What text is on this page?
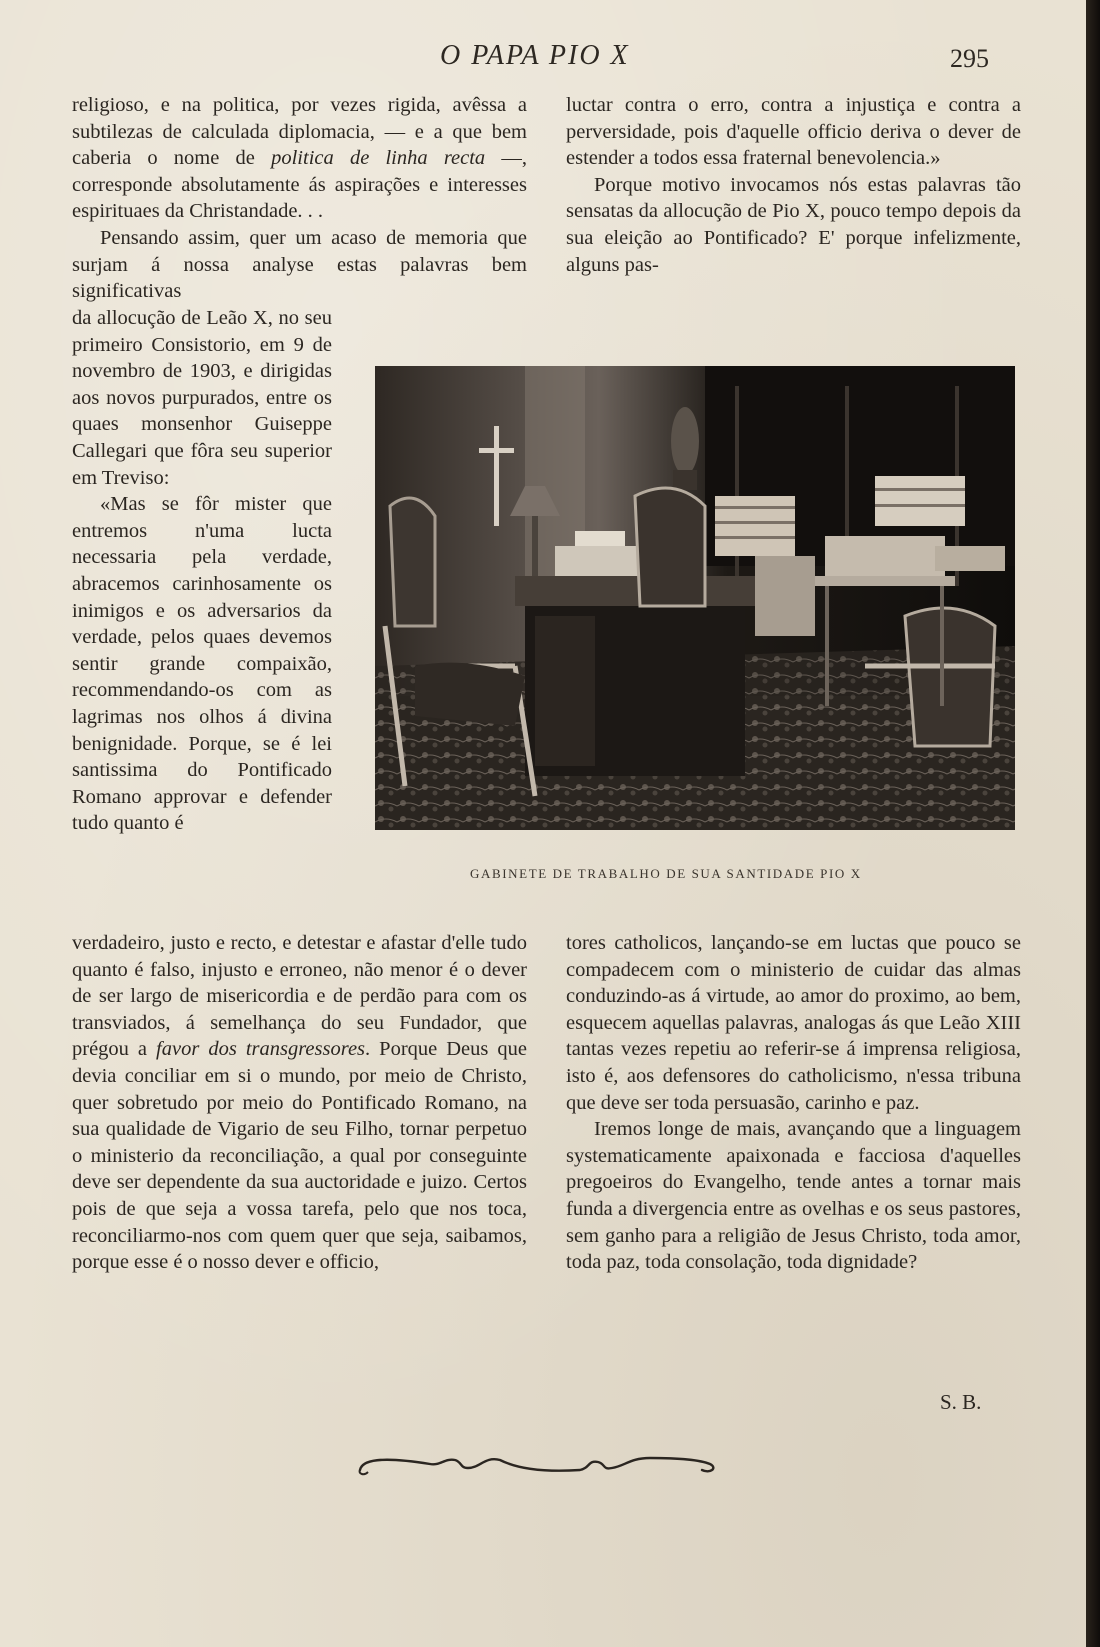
O PAPA PIO X	295

religioso, e na politica, por vezes rigida, avêssa a subtilezas de calculada diplomacia, — e a que bem caberia o nome de politica de linha recta —, corresponde absolutamente ás aspirações e interesses espirituaes da Christandade. . .

Pensando assim, quer um acaso de memoria que surjam á nossa analyse estas palavras bem significativas

da allocução de Leão X, no seu primeiro Consistorio, em 9 de novembro de 1903, e dirigidas aos novos purpurados, entre os quaes monsenhor Guiseppe Callegari que fôra seu superior em Treviso:

«Mas se fôr mister que entremos n'uma lucta necessaria pela verdade, abracemos carinhosamente os inimigos e os adversarios da verdade, pelos quaes devemos sentir grande compaixão, recommendando-os com as lagrimas nos olhos á divina benignidade. Porque, se é lei santissima do Pontificado Romano approvar e defender tudo quanto é

verdadeiro, justo e recto, e detestar e afastar d'elle tudo quanto é falso, injusto e erroneo, não menor é o dever de ser largo de misericordia e de perdão para com os transviados, á semelhança do seu Fundador, que prégou a favor dos transgressores. Porque Deus que devia conciliar em si o mundo, por meio de Christo, quer sobretudo por meio do Pontificado Romano, na sua qualidade de Vigario de seu Filho, tornar perpetuo o ministerio da reconciliação, a qual por conseguinte deve ser dependente da sua auctoridade e juizo. Certos pois de que seja a vossa tarefa, pelo que nos toca, reconciliarmo-nos com quem quer que seja, saibamos, porque esse é o nosso dever e officio,

luctar contra o erro, contra a injustiça e contra a perversidade, pois d'aquelle officio deriva o dever de estender a todos essa fraternal benevolencia.»

Porque motivo invocamos nós estas palavras tão sensatas da allocução de Pio X, pouco tempo depois da sua eleição ao Pontificado? E' porque infelizmente, alguns pas-

GABINETE DE TRABALHO DE SUA SANTIDADE PIO X

tores catholicos, lançando-se em luctas que pouco se compadecem com o ministerio de cuidar das almas conduzindo-as á virtude, ao amor do proximo, ao bem, esquecem aquellas palavras, analogas ás que Leão XIII tantas vezes repetiu ao referir-se á imprensa religiosa, isto é, aos defensores do catholicismo, n'essa tribuna que deve ser toda persuasão, carinho e paz.

Iremos longe de mais, avançando que a linguagem systematicamente apaixonada e facciosa d'aquelles pregoeiros do Evangelho, tende antes a tornar mais funda a divergencia entre as ovelhas e os seus pastores, sem ganho para a religião de Jesus Christo, toda amor, toda paz, toda consolação, toda dignidade?

S. B.
